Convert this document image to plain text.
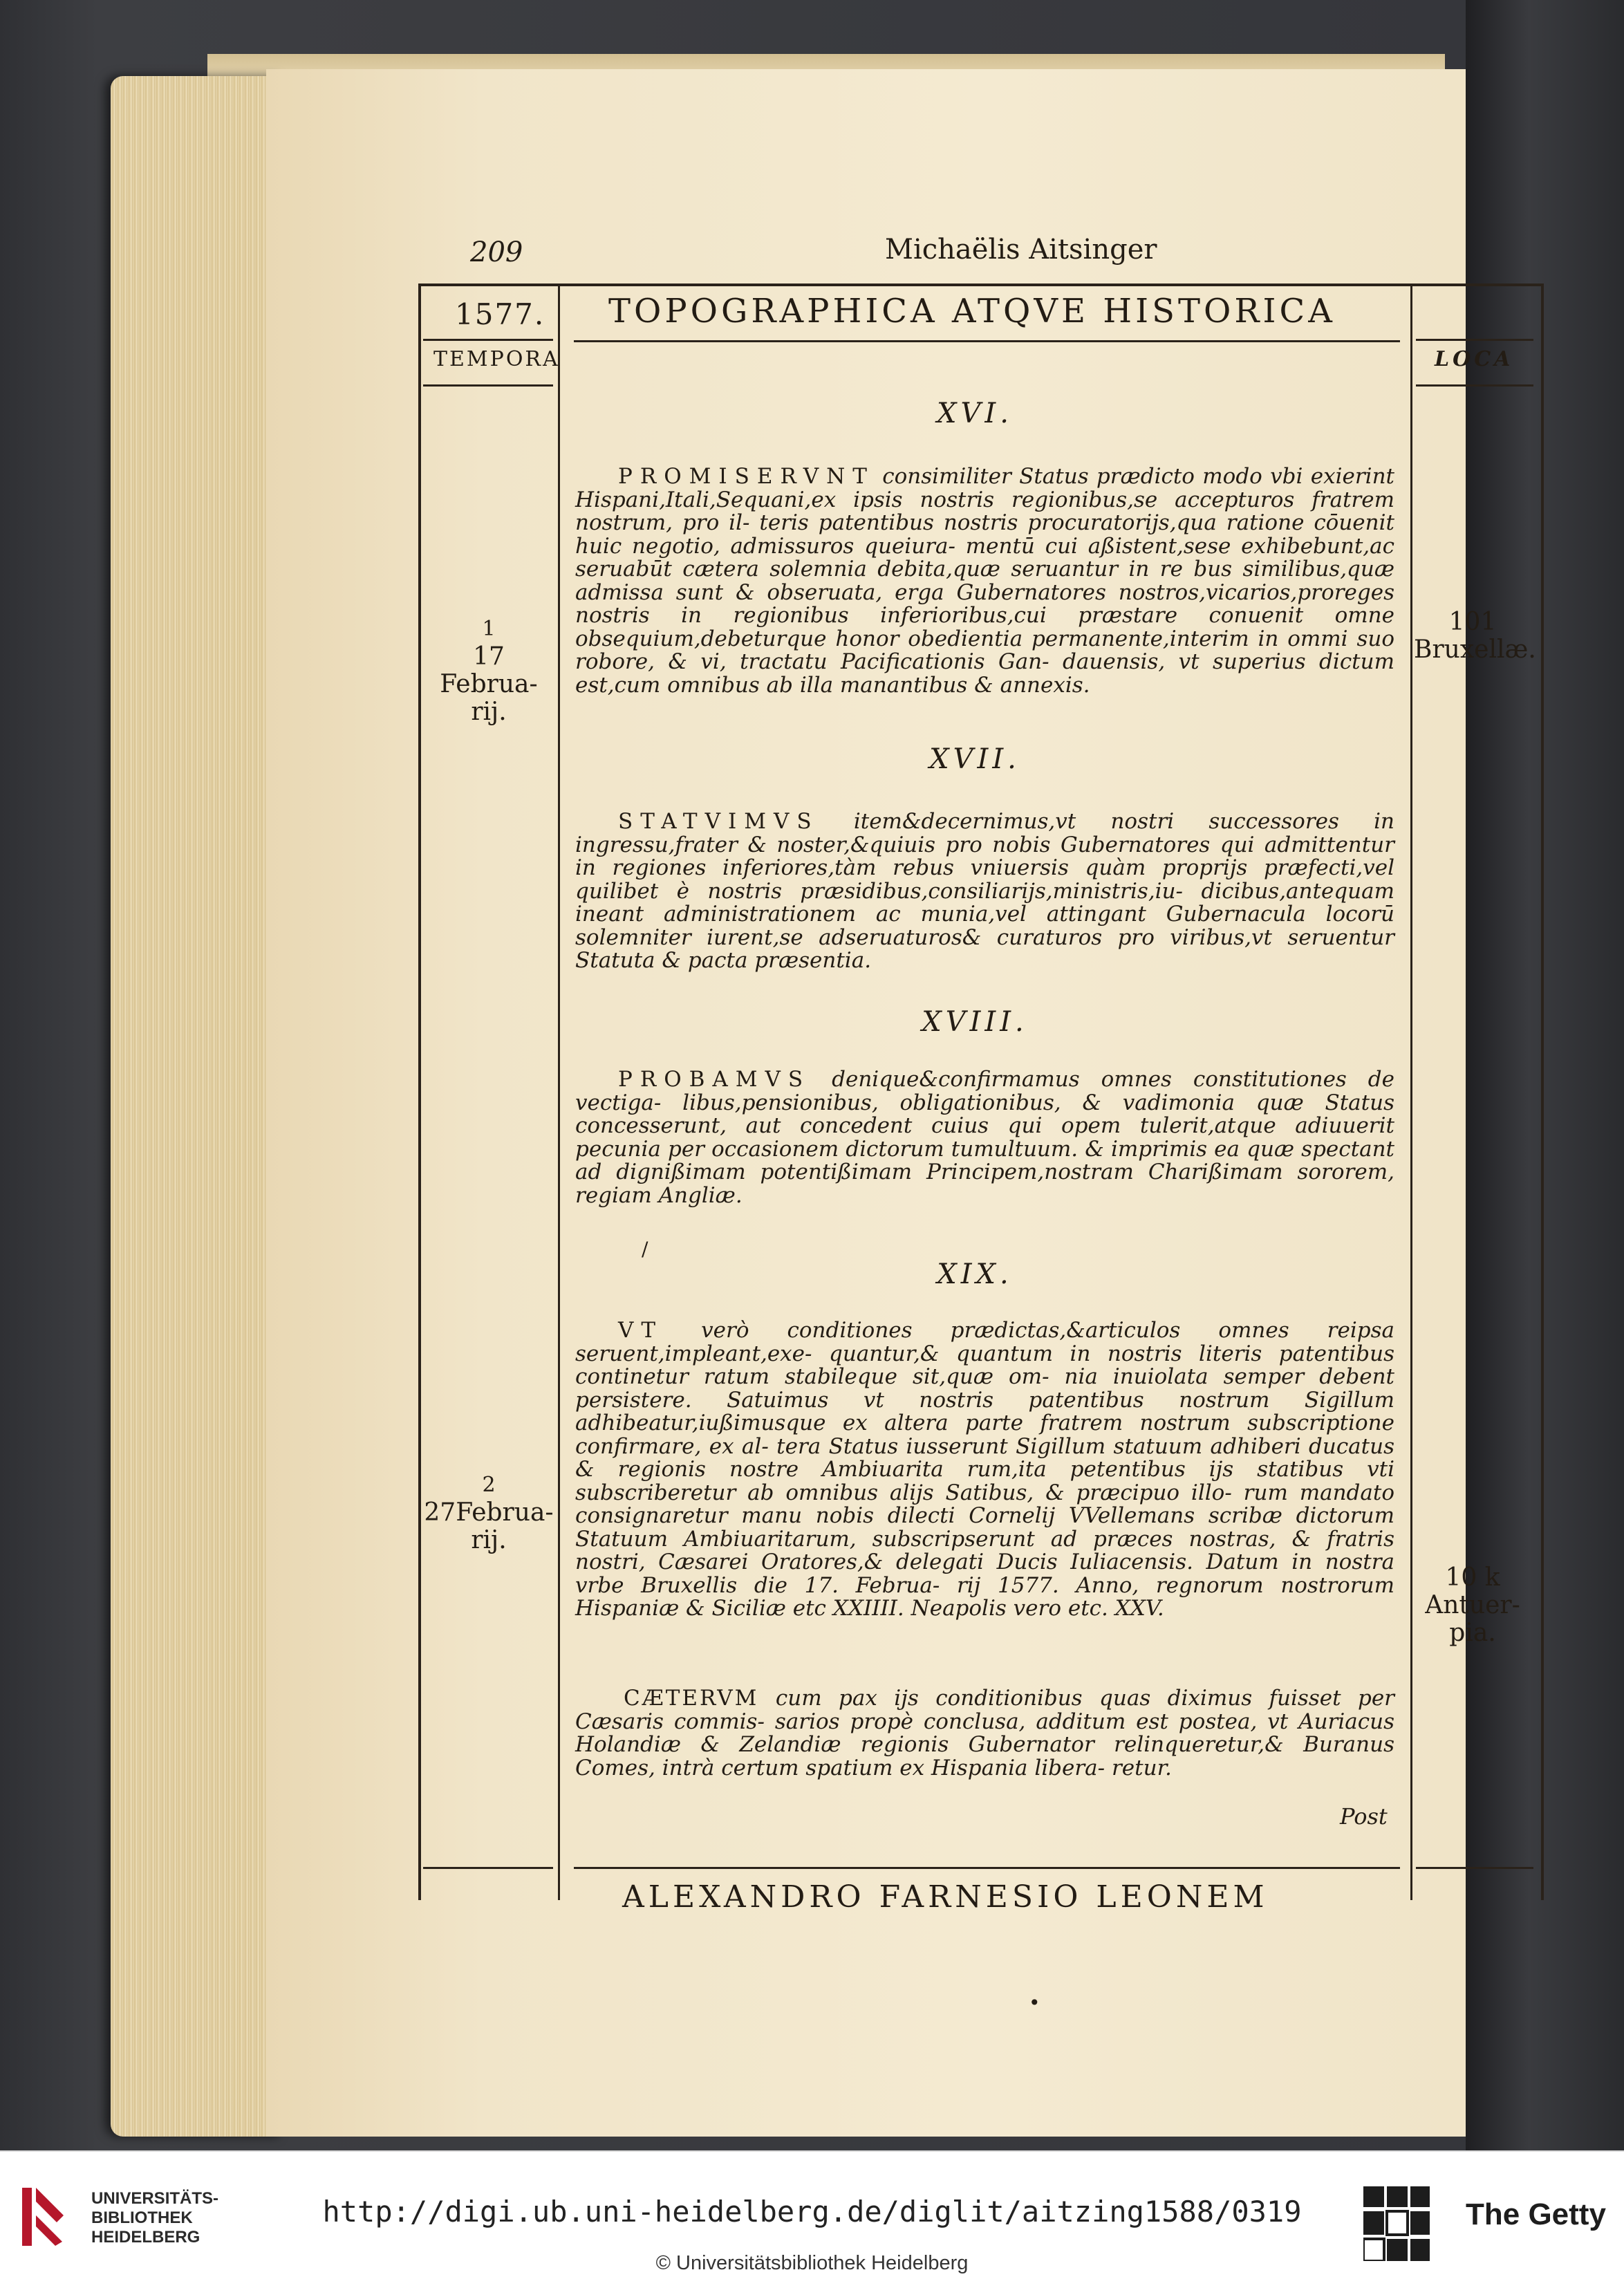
209	Michaëlis Aitsinger
1577. TOPOGRAPHICA ATQVE HISTORICA
TEMPORA	LOCA
XVI.

PROMISERVNT consimiliter Status prædicto modo vbi exierint Hispani,Itali,Sequani,ex ipsis nostris regionibus,se accepturos fratrem nostrum, pro il- teris patentibus nostris procuratorijs,qua ratione cōuenit huic negotio, admissuros queiura- mentū cui aßistent,sese exhibebunt,ac seruabūt cætera solemnia debita,quæ seruantur in re bus similibus,quæ admissa sunt & obseruata, erga Gubernatores nostros,vicarios,proreges nostris in regionibus inferioribus,cui præstare conuenit omne obsequium,debeturque honor obedientia permanente,interim in ommi suo robore, & vi, tractatu Pacificationis Gan- dauensis, vt superius dictum est,cum omnibus ab illa manantibus & annexis.

XVII.

STATVIMVS item&decernimus,vt nostri successores in ingressu,frater & noster,&quiuis pro nobis Gubernatores qui admittentur in regiones inferiores,tàm rebus vniuersis quàm proprijs præfecti,vel quilibet è nostris præsidibus,consiliarijs,ministris,iu- dicibus,antequam ineant administrationem ac munia,vel attingant Gubernacula locorū solemniter iurent,se adseruaturos& curaturos pro viribus,vt seruentur Statuta & pacta præsentia.

XVIII.

PROBAMVS denique&confirmamus omnes constitutiones de vectiga- libus,pensionibus, obligationibus, & vadimonia quæ Status concesserunt, aut concedent cuius qui opem tulerit,atque adiuuerit pecunia per occasionem dictorum tumultuum. & imprimis ea quæ spectant ad dignißimam potentißimam Principem,nostram Charißimam sororem, regiam Angliæ.

XIX.

VT verò conditiones prædictas,&articulos omnes reipsa seruent,impleant,exe- quantur,& quantum in nostris literis patentibus continetur ratum stabileque sit,quæ om- nia inuiolata semper debent persistere. Satuimus vt nostris patentibus nostrum Sigillum adhibeatur,iußimusque ex altera parte fratrem nostrum subscriptione confirmare, ex al- tera Status iusserunt Sigillum statuum adhiberi ducatus & regionis nostre Ambiuarita rum,ita petentibus ijs statibus vti subscriberetur ab omnibus alijs Satibus, & præcipuo illo- rum mandato consignaretur manu nobis dilecti Cornelij VVellemans scribæ dictorum Statuum Ambiuaritarum, subscripserunt ad præces nostras, & fratris nostri, Cæsarei Oratores,& delegati Ducis Iuliacensis. Datum in nostra vrbe Bruxellis die 17. Februa- rij 1577. Anno, regnorum nostrorum Hispaniæ & Siciliæ etc XXIIII. Neapolis vero etc. XXV.

CÆTERVM cum pax ijs conditionibus quas diximus fuisset per Cæsaris commis- sarios propè conclusa, additum est postea, vt Auriacus Holandiæ & Zelandiæ regionis Gubernator relinqueretur,& Buranus Comes, intrà certum spatium ex Hispania libera- retur.

Post
1
17 Februa-
rij.
2
27Februa-
rij.
101
Bruxellæ.
10 k
Antuer-
pia.
ALEXANDRO FARNESIO LEONEM
/
•
UNIVERSITÄTS-
BIBLIOTHEK
HEIDELBERG
http://digi.ub.uni-heidelberg.de/diglit/aitzing1588/0319
© Universitätsbibliothek Heidelberg
The Getty
